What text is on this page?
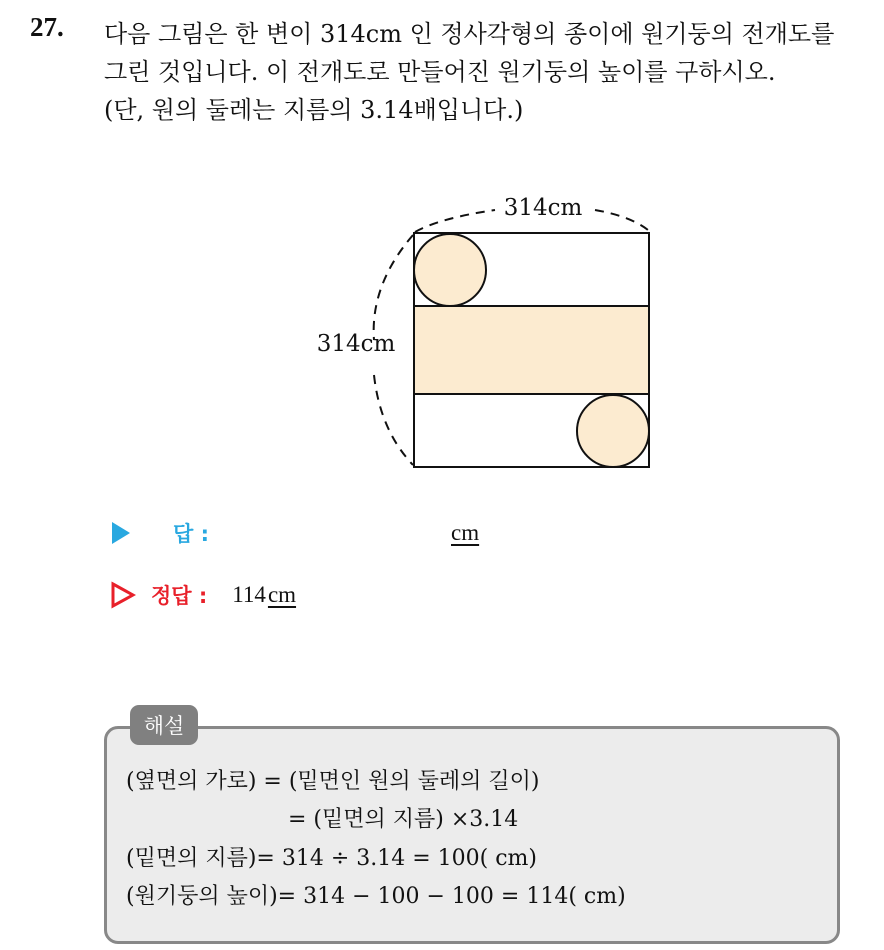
27. 다음 그림은 한 변이 314cm 인 정사각형의 종이에 원기둥의 전개도를
그린 것입니다. 이 전개도로 만들어진 원기둥의 높이를 구하시오.
(단, 원의 둘레는 지름의 3.14배입니다.)
314cm
314cm
답 :	cm
정답 : 114cm
해설
(옆면의 가로) = (밑면인 원의 둘레의 길이)
= (밑면의 지름) ×3.14
(밑면의 지름)= 314 ÷ 3.14 = 100( cm)
(원기둥의 높이)= 314 − 100 − 100 = 114( cm)
